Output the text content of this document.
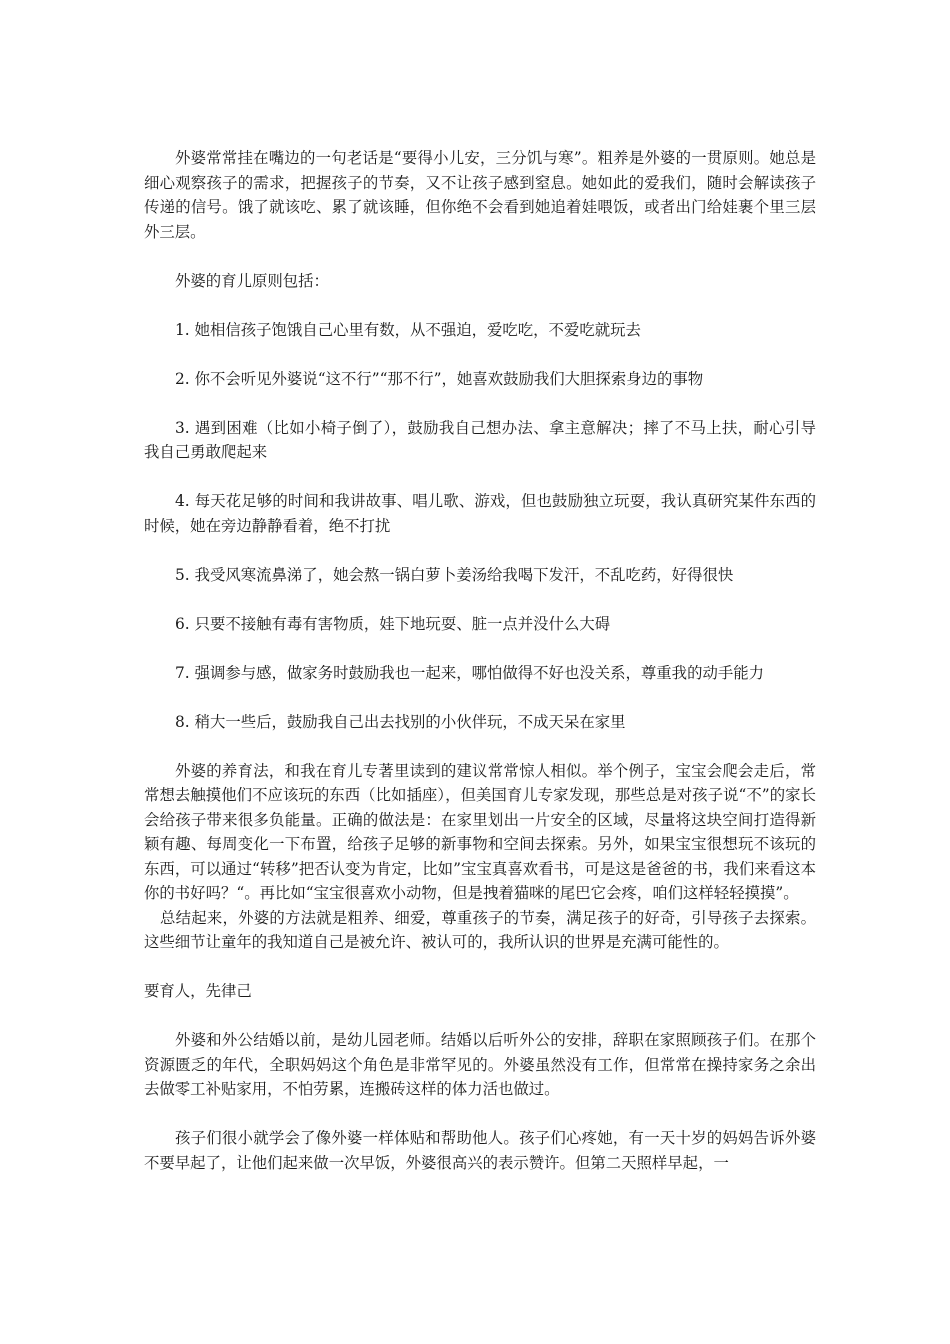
外婆常常挂在嘴边的一句老话是“要得小儿安，三分饥与寒”。粗养是外婆的一贯原则。她总是细心观察孩子的需求，把握孩子的节奏，又不让孩子感到窒息。她如此的爱我们，随时会解读孩子传递的信号。饿了就该吃、累了就该睡，但你绝不会看到她追着娃喂饭，或者出门给娃裹个里三层外三层。

外婆的育儿原则包括：

1. 她相信孩子饱饿自己心里有数，从不强迫，爱吃吃，不爱吃就玩去

2. 你不会听见外婆说“这不行”“那不行”，她喜欢鼓励我们大胆探索身边的事物

3. 遇到困难（比如小椅子倒了），鼓励我自己想办法、拿主意解决；摔了不马上扶，耐心引导我自己勇敢爬起来

4. 每天花足够的时间和我讲故事、唱儿歌、游戏，但也鼓励独立玩耍，我认真研究某件东西的时候，她在旁边静静看着，绝不打扰

5. 我受风寒流鼻涕了，她会熬一锅白萝卜姜汤给我喝下发汗，不乱吃药，好得很快

6. 只要不接触有毒有害物质，娃下地玩耍、脏一点并没什么大碍

7. 强调参与感，做家务时鼓励我也一起来，哪怕做得不好也没关系，尊重我的动手能力

8. 稍大一些后，鼓励我自己出去找别的小伙伴玩，不成天呆在家里

外婆的养育法，和我在育儿专著里读到的建议常常惊人相似。举个例子，宝宝会爬会走后，常常想去触摸他们不应该玩的东西（比如插座），但美国育儿专家发现，那些总是对孩子说“不”的家长会给孩子带来很多负能量。正确的做法是：在家里划出一片安全的区域，尽量将这块空间打造得新颖有趣、每周变化一下布置，给孩子足够的新事物和空间去探索。另外，如果宝宝很想玩不该玩的东西，可以通过“转移”把否认变为肯定，比如”宝宝真喜欢看书，可是这是爸爸的书，我们来看这本你的书好吗？“。再比如“宝宝很喜欢小动物，但是拽着猫咪的尾巴它会疼，咱们这样轻轻摸摸”。

总结起来，外婆的方法就是粗养、细爱，尊重孩子的节奏，满足孩子的好奇，引导孩子去探索。这些细节让童年的我知道自己是被允许、被认可的，我所认识的世界是充满可能性的。

要育人，先律己

外婆和外公结婚以前，是幼儿园老师。结婚以后听外公的安排，辞职在家照顾孩子们。在那个资源匮乏的年代，全职妈妈这个角色是非常罕见的。外婆虽然没有工作，但常常在操持家务之余出去做零工补贴家用，不怕劳累，连搬砖这样的体力活也做过。

孩子们很小就学会了像外婆一样体贴和帮助他人。孩子们心疼她，有一天十岁的妈妈告诉外婆不要早起了，让他们起来做一次早饭，外婆很高兴的表示赞许。但第二天照样早起，一
